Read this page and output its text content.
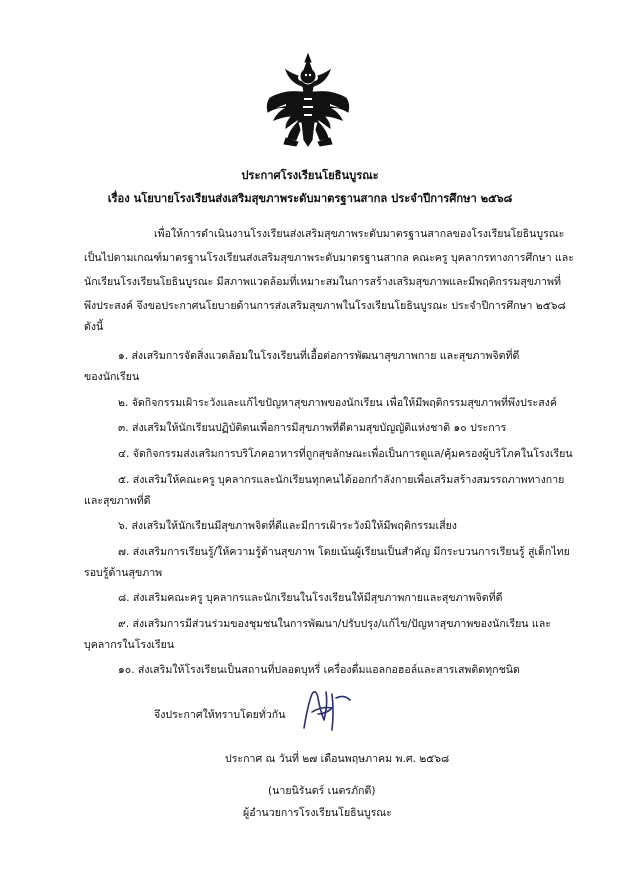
ประกาศโรงเรียนโยธินบูรณะ
เรื่อง นโยบายโรงเรียนส่งเสริมสุขภาพระดับมาตรฐานสากล ประจำปีการศึกษา ๒๕๖๘
เพื่อให้การดำเนินงานโรงเรียนส่งเสริมสุขภาพระดับมาตรฐานสากลของโรงเรียนโยธินบูรณะ
เป็นไปตามเกณฑ์มาตรฐานโรงเรียนส่งเสริมสุขภาพระดับมาตรฐานสากล คณะครู บุคลากรทางการศึกษา และ
นักเรียนโรงเรียนโยธินบูรณะ มีสภาพแวดล้อมที่เหมาะสมในการสร้างเสริมสุขภาพและมีพฤติกรรมสุขภาพที่
พึงประสงค์ จึงขอประกาศนโยบายด้านการส่งเสริมสุขภาพในโรงเรียนโยธินบูรณะ ประจำปีการศึกษา ๒๕๖๘
ดังนี้
๑. ส่งเสริมการจัดสิ่งแวดล้อมในโรงเรียนที่เอื้อต่อการพัฒนาสุขภาพกาย และสุขภาพจิตที่ดี
ของนักเรียน
๒. จัดกิจกรรมเฝ้าระวังและแก้ไขปัญหาสุขภาพของนักเรียน เพื่อให้มีพฤติกรรมสุขภาพที่พึงประสงค์
๓. ส่งเสริมให้นักเรียนปฏิบัติตนเพื่อการมีสุขภาพที่ดีตามสุขบัญญัติแห่งชาติ ๑๐ ประการ
๔. จัดกิจกรรมส่งเสริมการบริโภคอาหารที่ถูกสุขลักษณะเพื่อเป็นการดูแล/คุ้มครองผู้บริโภคในโรงเรียน
๕. ส่งเสริมให้คณะครู บุคลากรและนักเรียนทุกคนได้ออกกำลังกายเพื่อเสริมสร้างสมรรถภาพทางกาย
และสุขภาพที่ดี
๖. ส่งเสริมให้นักเรียนมีสุขภาพจิตที่ดีและมีการเฝ้าระวังมิให้มีพฤติกรรมเสี่ยง
๗. ส่งเสริมการเรียนรู้/ให้ความรู้ด้านสุขภาพ โดยเน้นผู้เรียนเป็นสำคัญ มีกระบวนการเรียนรู้ สู่เด็กไทย
รอบรู้ด้านสุขภาพ
๘. ส่งเสริมคณะครู บุคลากรและนักเรียนในโรงเรียนให้มีสุขภาพกายและสุขภาพจิตที่ดี
๙. ส่งเสริมการมีส่วนร่วมของชุมชนในการพัฒนา/ปรับปรุง/แก้ไข/ปัญหาสุขภาพของนักเรียน และ
บุคลากรในโรงเรียน
๑๐. ส่งเสริมให้โรงเรียนเป็นสถานที่ปลอดบุหรี่ เครื่องดื่มแอลกอฮอล์และสารเสพติดทุกชนิด
จึงประกาศให้ทราบโดยทั่วกัน
ประกาศ ณ วันที่ ๒๗ เดือนพฤษภาคม พ.ศ. ๒๕๖๘
(นายนิรันดร์ เนตรภักดี)
ผู้อำนวยการโรงเรียนโยธินบูรณะ
